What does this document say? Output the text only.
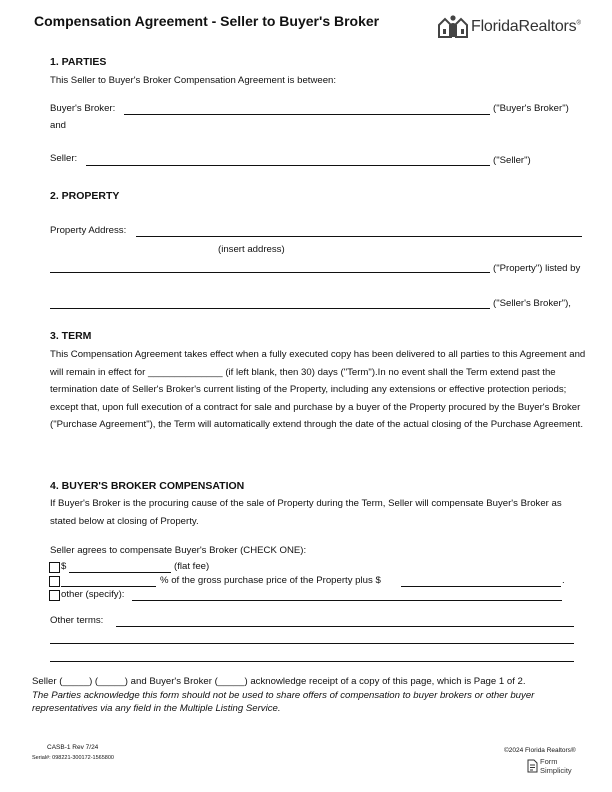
Compensation Agreement - Seller to Buyer's Broker	FloridaRealtors®
1. PARTIES
This Seller to Buyer's Broker Compensation Agreement is between:
Buyer's Broker:	("Buyer's Broker")
and
Seller:	("Seller")
2. PROPERTY
Property Address:
(insert address)
("Property") listed by
("Seller's Broker"),
3. TERM
This Compensation Agreement takes effect when a fully executed copy has been delivered to all parties to this Agreement and will remain in effect for ______________ (if left blank, then 30) days ("Term").In no event shall the Term extend past the termination date of Seller's Broker's current listing of the Property, including any extensions or effective protection periods; except that, upon full execution of a contract for sale and purchase by a buyer of the Property procured by the Buyer's Broker ("Purchase Agreement"), the Term will automatically extend through the date of the actual closing of the Purchase Agreement.
4. BUYER'S BROKER COMPENSATION
If Buyer's Broker is the procuring cause of the sale of Property during the Term, Seller will compensate Buyer's Broker as stated below at closing of Property.
Seller agrees to compensate Buyer's Broker (CHECK ONE):
$	(flat fee)
% of the gross purchase price of the Property plus $	.
other (specify):
Other terms:
Seller (_____) (_____) and Buyer's Broker (_____) acknowledge receipt of a copy of this page, which is Page 1 of 2.
The Parties acknowledge this form should not be used to share offers of compensation to buyer brokers or other buyer representatives via any field in the Multiple Listing Service.
CASB-1 Rev 7/24
Serial#: 098221-300172-1565800
©2024 Florida Realtors®
Form
Simplicity
